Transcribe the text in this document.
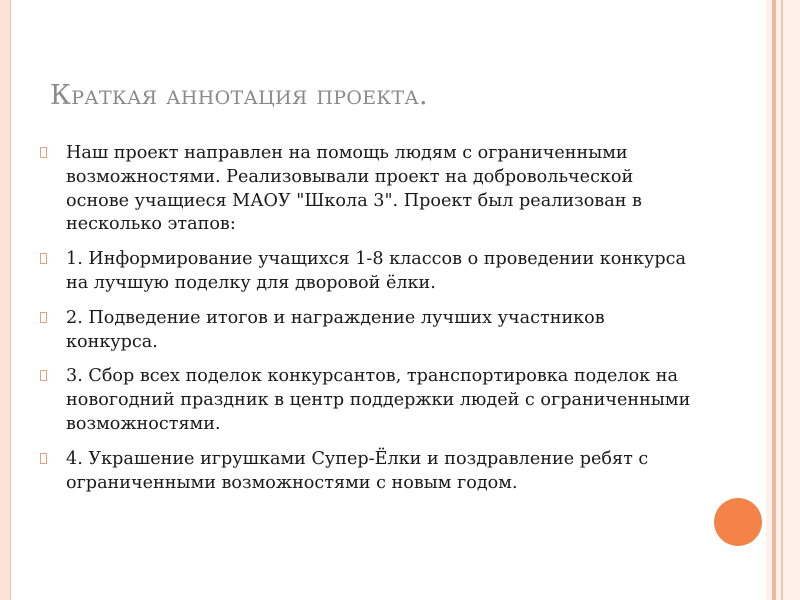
Краткая аннотация проекта.
Наш проект направлен на помощь людям с ограниченными возможностями. Реализовывали проект на добровольческой основе учащиеся МАОУ "Школа 3". Проект был реализован в несколько этапов:
1. Информирование учащихся 1-8 классов о проведении конкурса на лучшую поделку для дворовой ёлки.
2. Подведение итогов и награждение лучших участников конкурса.
3. Сбор всех поделок конкурсантов, транспортировка поделок на новогодний праздник в центр поддержки людей с ограниченными возможностями.
4. Украшение игрушками Супер-Ёлки и поздравление ребят с ограниченными возможностями с новым годом.
